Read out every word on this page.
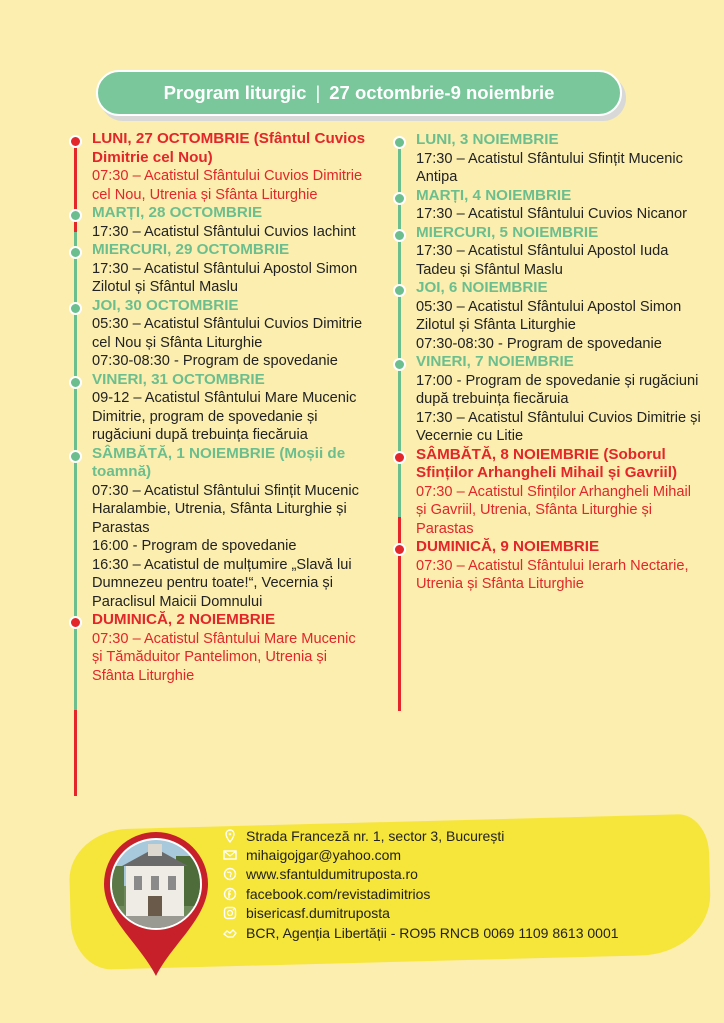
Program liturgic | 27 octombrie-9 noiembrie
LUNI, 27 OCTOMBRIE (Sfântul Cuvios Dimitrie cel Nou)
07:30 – Acatistul Sfântului Cuvios Dimitrie cel Nou, Utrenia și Sfânta Liturghie
MARȚI, 28 OCTOMBRIE
17:30 – Acatistul Sfântului Cuvios Iachint
MIERCURI, 29 OCTOMBRIE
17:30 – Acatistul Sfântului Apostol Simon Zilotul și Sfântul Maslu
JOI, 30 OCTOMBRIE
05:30 – Acatistul Sfântului Cuvios Dimitrie cel Nou și Sfânta Liturghie
07:30-08:30 - Program de spovedanie
VINERI, 31 OCTOMBRIE
09-12 – Acatistul Sfântului Mare Mucenic Dimitrie, program de spovedanie și rugăciuni după trebuința fiecăruia
SÂMBĂTĂ, 1 NOIEMBRIE (Moșii de toamnă)
07:30 – Acatistul Sfântului Sfințit Mucenic Haralambie, Utrenia, Sfânta Liturghie și Parastas
16:00 - Program de spovedanie
16:30 – Acatistul de mulțumire „Slavă lui Dumnezeu pentru toate!“, Vecernia și Paraclisul Maicii Domnului
DUMINICĂ, 2 NOIEMBRIE
07:30 – Acatistul Sfântului Mare Mucenic și Tămăduitor Pantelimon, Utrenia și Sfânta Liturghie
LUNI, 3 NOIEMBRIE
17:30 – Acatistul Sfântului Sfințit Mucenic Antipa
MARȚI, 4 NOIEMBRIE
17:30 – Acatistul Sfântului Cuvios Nicanor
MIERCURI, 5 NOIEMBRIE
17:30 – Acatistul Sfântului Apostol Iuda Tadeu și Sfântul Maslu
JOI, 6 NOIEMBRIE
05:30 – Acatistul Sfântului Apostol Simon Zilotul și Sfânta Liturghie
07:30-08:30 - Program de spovedanie
VINERI, 7 NOIEMBRIE
17:00 - Program de spovedanie și rugăciuni după trebuința fiecăruia
17:30 – Acatistul Sfântului Cuvios Dimitrie și Vecernie cu Litie
SÂMBĂTĂ, 8 NOIEMBRIE (Soborul Sfinților Arhangheli Mihail și Gavriil)
07:30 – Acatistul Sfinților Arhangheli Mihail și Gavriil, Utrenia, Sfânta Liturghie și Parastas
DUMINICĂ, 9 NOIEMBRIE
07:30 – Acatistul Sfântului Ierarh Nectarie, Utrenia și Sfânta Liturghie
Strada Franceză nr. 1, sector 3, București
mihaigojgar@yahoo.com
www.sfantuldumitruposta.ro
facebook.com/revistadimitrios
bisericasf.dumitruposta
BCR, Agenția Libertății - RO95 RNCB 0069 1109 8613 0001
